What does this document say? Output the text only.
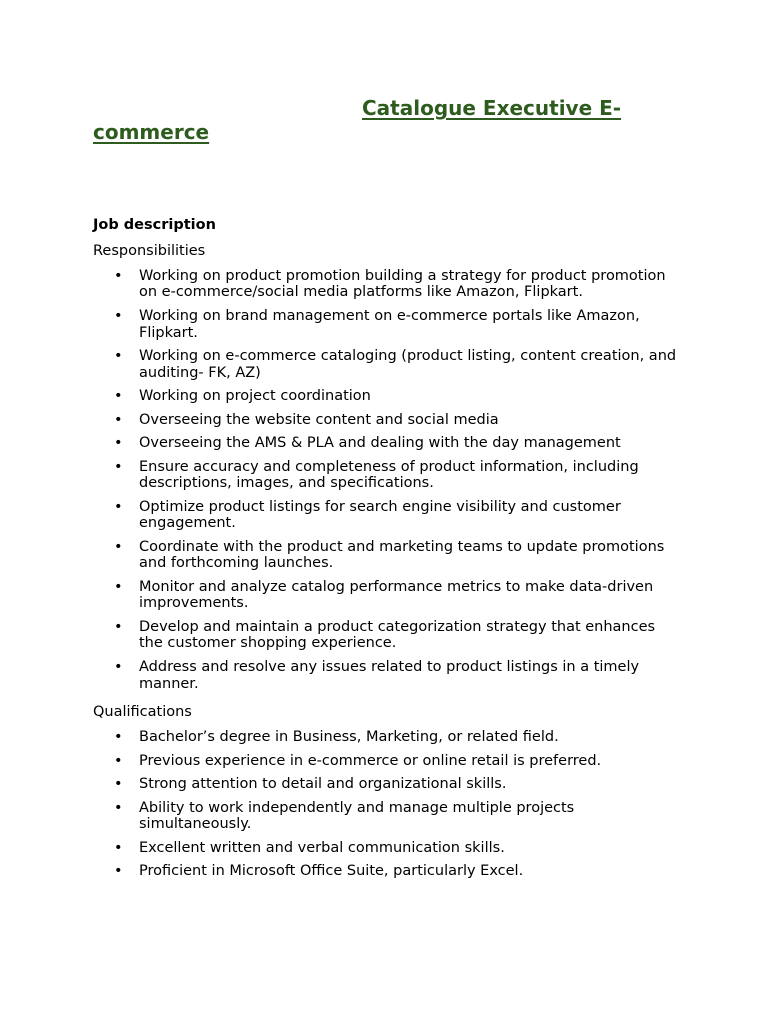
Catalogue Executive E-commerce
Job description
Responsibilities
• Working on product promotion building a strategy for product promotion on e-commerce/social media platforms like Amazon, Flipkart.
• Working on brand management on e-commerce portals like Amazon, Flipkart.
• Working on e-commerce cataloging (product listing, content creation, and auditing- FK, AZ)
• Working on project coordination
• Overseeing the website content and social media
• Overseeing the AMS & PLA and dealing with the day management
• Ensure accuracy and completeness of product information, including descriptions, images, and specifications.
• Optimize product listings for search engine visibility and customer engagement.
• Coordinate with the product and marketing teams to update promotions and forthcoming launches.
• Monitor and analyze catalog performance metrics to make data-driven improvements.
• Develop and maintain a product categorization strategy that enhances the customer shopping experience.
• Address and resolve any issues related to product listings in a timely manner.
Qualifications
• Bachelor’s degree in Business, Marketing, or related field.
• Previous experience in e-commerce or online retail is preferred.
• Strong attention to detail and organizational skills.
• Ability to work independently and manage multiple projects simultaneously.
• Excellent written and verbal communication skills.
• Proficient in Microsoft Office Suite, particularly Excel.
